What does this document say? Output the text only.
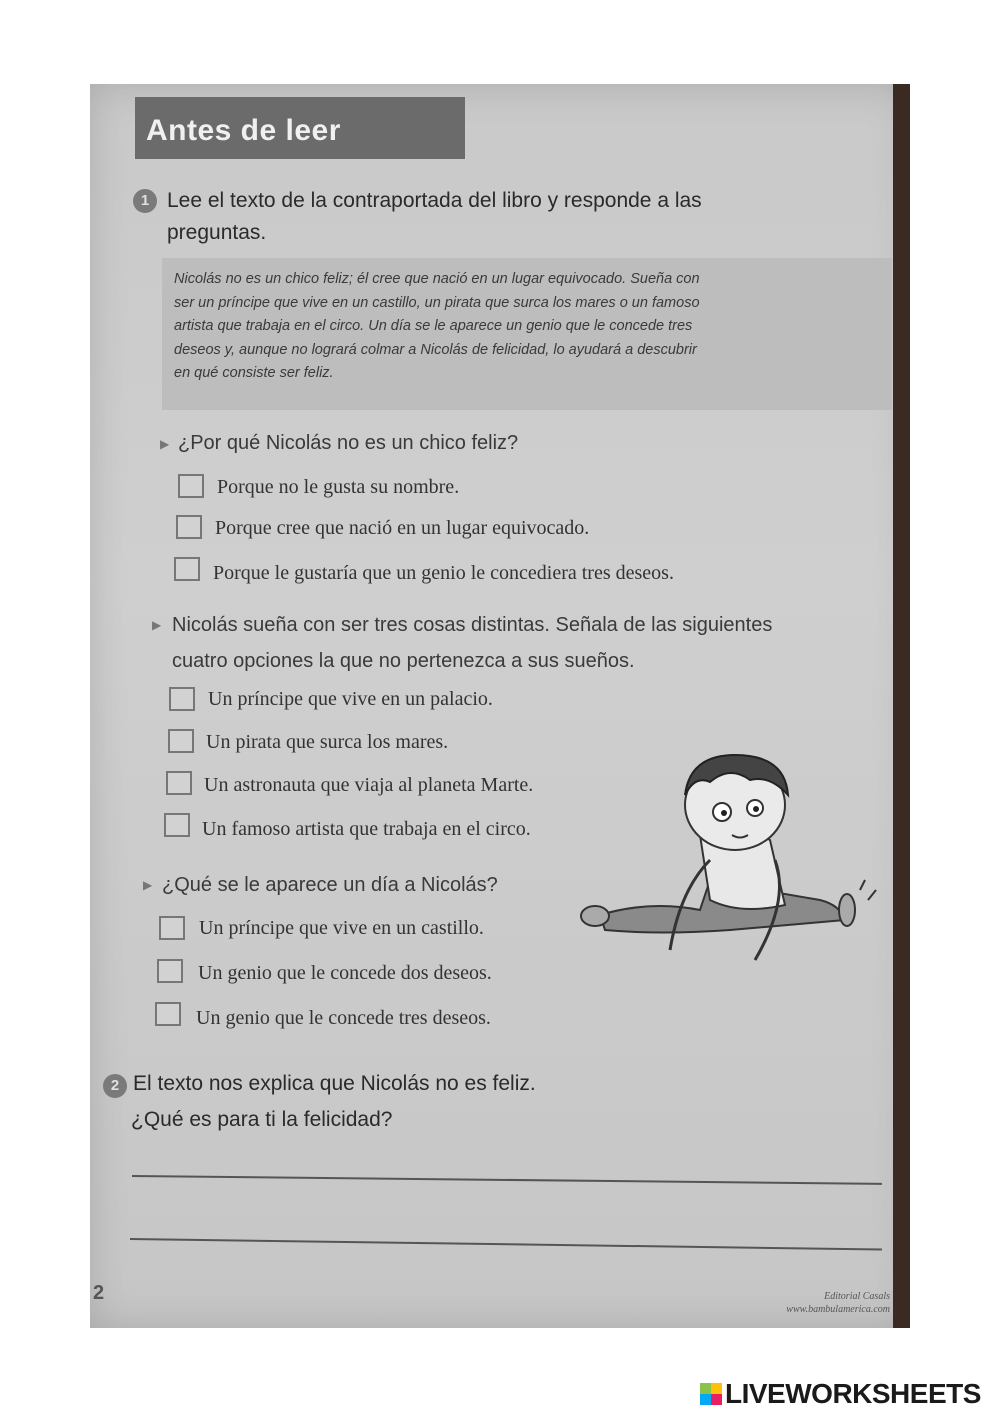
Antes de leer
1 Lee el texto de la contraportada del libro y responde a las
preguntas.
Nicolás no es un chico feliz; él cree que nació en un lugar equivocado. Sueña con
ser un príncipe que vive en un castillo, un pirata que surca los mares o un famoso
artista que trabaja en el circo. Un día se le aparece un genio que le concede tres
deseos y, aunque no logrará colmar a Nicolás de felicidad, lo ayudará a descubrir
en qué consiste ser feliz.
▶ ¿Por qué Nicolás no es un chico feliz?
Porque no le gusta su nombre.
Porque cree que nació en un lugar equivocado.
Porque le gustaría que un genio le concediera tres deseos.
▶ Nicolás sueña con ser tres cosas distintas. Señala de las siguientes
cuatro opciones la que no pertenezca a sus sueños.
Un príncipe que vive en un palacio.
Un pirata que surca los mares.
Un astronauta que viaja al planeta Marte.
Un famoso artista que trabaja en el circo.
▶ ¿Qué se le aparece un día a Nicolás?
Un príncipe que vive en un castillo.
Un genio que le concede dos deseos.
Un genio que le concede tres deseos.
2 El texto nos explica que Nicolás no es feliz.
¿Qué es para ti la felicidad?
2	Editorial Casals
www.bambulamerica.com
LIVEWORKSHEETS
